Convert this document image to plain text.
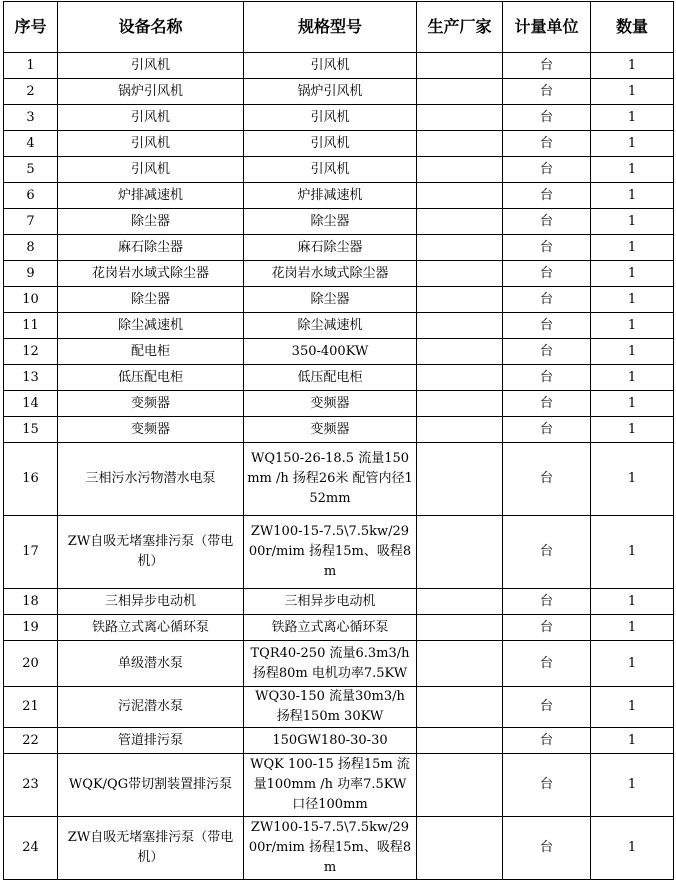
序号	设备名称	规格型号	生产厂家	计量单位	数量
1	引风机	引风机		台	1
2	锅炉引风机	锅炉引风机		台	1
3	引风机	引风机		台	1
4	引风机	引风机		台	1
5	引风机	引风机		台	1
6	炉排减速机	炉排减速机		台	1
7	除尘器	除尘器		台	1
8	麻石除尘器	麻石除尘器		台	1
9	花岗岩水域式除尘器	花岗岩水域式除尘器		台	1
10	除尘器	除尘器		台	1
11	除尘减速机	除尘减速机		台	1
12	配电柜	350-400KW		台	1
13	低压配电柜	低压配电柜		台	1
14	变频器	变频器		台	1
15	变频器	变频器		台	1
16	三相污水污物潜水电泵	WQ150-26-18.5 流量150mm /h 扬程26米 配管内径152mm		台	1
17	ZW自吸无堵塞排污泵（带电机）	ZW100-15-7.5\7.5kw/2900r/mim 扬程15m、吸程8m		台	1
18	三相异步电动机	三相异步电动机		台	1
19	铁路立式离心循环泵	铁路立式离心循环泵		台	1
20	单级潜水泵	TQR40-250 流量6.3m3/h 扬程80m 电机功率7.5KW		台	1
21	污泥潜水泵	WQ30-150 流量30m3/h 扬程150m 30KW		台	1
22	管道排污泵	150GW180-30-30		台	1
23	WQK/QG带切割装置排污泵	WQK 100-15 扬程15m 流量100mm /h 功率7.5KW 口径100mm		台	1
24	ZW自吸无堵塞排污泵（带电机）	ZW100-15-7.5\7.5kw/2900r/mim 扬程15m、吸程8m		台	1
